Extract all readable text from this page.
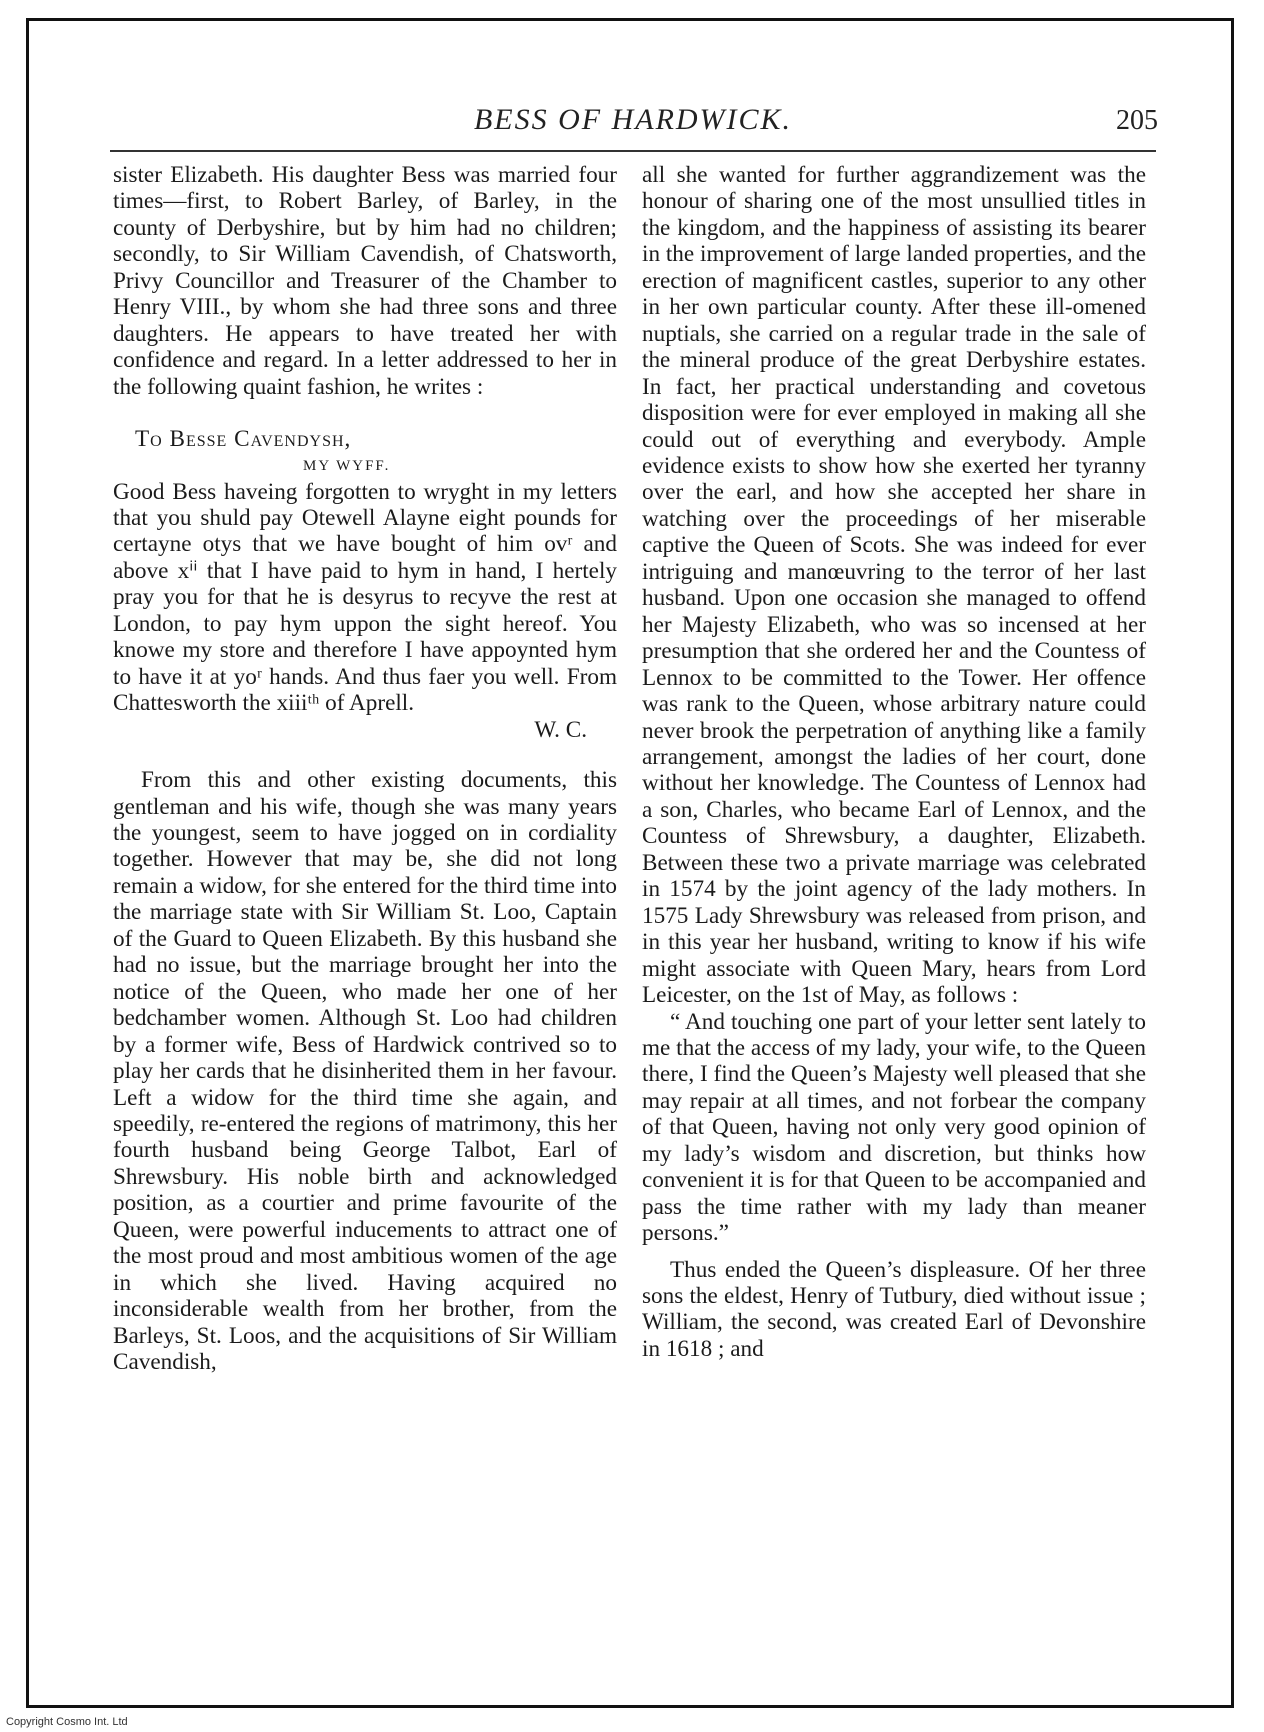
BESS OF HARDWICK.	205

sister Elizabeth. His daughter Bess was married four times—first, to Robert Barley, of Barley, in the county of Derbyshire, but by him had no children; secondly, to Sir William Cavendish, of Chatsworth, Privy Councillor and Treasurer of the Chamber to Henry VIII., by whom she had three sons and three daughters. He appears to have treated her with confidence and regard. In a letter addressed to her in the following quaint fashion, he writes :

To Besse Cavendysh,

MY WYFF.

Good Bess haveing forgotten to wryght in my letters that you shuld pay Otewell Alayne eight pounds for certayne otys that we have bought of him ovʳ and above xⁱⁱ that I have paid to hym in hand, I hertely pray you for that he is desyrus to recyve the rest at London, to pay hym uppon the sight hereof. You knowe my store and therefore I have appoynted hym to have it at yoʳ hands. And thus faer you well. From Chattesworth the xiiiᵗʰ of Aprell.

W. C.

From this and other existing documents, this gentleman and his wife, though she was many years the youngest, seem to have jogged on in cordiality together. However that may be, she did not long remain a widow, for she entered for the third time into the marriage state with Sir William St. Loo, Captain of the Guard to Queen Elizabeth. By this husband she had no issue, but the marriage brought her into the notice of the Queen, who made her one of her bedchamber women. Although St. Loo had children by a former wife, Bess of Hardwick contrived so to play her cards that he disinherited them in her favour. Left a widow for the third time she again, and speedily, re-entered the regions of matrimony, this her fourth husband being George Talbot, Earl of Shrewsbury. His noble birth and acknowledged position, as a courtier and prime favourite of the Queen, were powerful inducements to attract one of the most proud and most ambitious women of the age in which she lived. Having acquired no inconsiderable wealth from her brother, from the Barleys, St. Loos, and the acquisitions of Sir William Cavendish,

all she wanted for further aggrandizement was the honour of sharing one of the most unsullied titles in the kingdom, and the happiness of assisting its bearer in the improvement of large landed properties, and the erection of magnificent castles, superior to any other in her own particular county. After these ill-omened nuptials, she carried on a regular trade in the sale of the mineral produce of the great Derbyshire estates. In fact, her practical understanding and covetous disposition were for ever employed in making all she could out of everything and everybody. Ample evidence exists to show how she exerted her tyranny over the earl, and how she accepted her share in watching over the proceedings of her miserable captive the Queen of Scots. She was indeed for ever intriguing and manœuvring to the terror of her last husband. Upon one occasion she managed to offend her Majesty Elizabeth, who was so incensed at her presumption that she ordered her and the Countess of Lennox to be committed to the Tower. Her offence was rank to the Queen, whose arbitrary nature could never brook the perpetration of anything like a family arrangement, amongst the ladies of her court, done without her knowledge. The Countess of Lennox had a son, Charles, who became Earl of Lennox, and the Countess of Shrewsbury, a daughter, Elizabeth. Between these two a private marriage was celebrated in 1574 by the joint agency of the lady mothers. In 1575 Lady Shrewsbury was released from prison, and in this year her husband, writing to know if his wife might associate with Queen Mary, hears from Lord Leicester, on the 1st of May, as follows :

“ And touching one part of your letter sent lately to me that the access of my lady, your wife, to the Queen there, I find the Queen’s Majesty well pleased that she may repair at all times, and not forbear the company of that Queen, having not only very good opinion of my lady’s wisdom and discretion, but thinks how convenient it is for that Queen to be accompanied and pass the time rather with my lady than meaner persons.”

Thus ended the Queen’s displeasure. Of her three sons the eldest, Henry of Tutbury, died without issue ; William, the second, was created Earl of Devonshire in 1618 ; and

Copyright Cosmo Int. Ltd
